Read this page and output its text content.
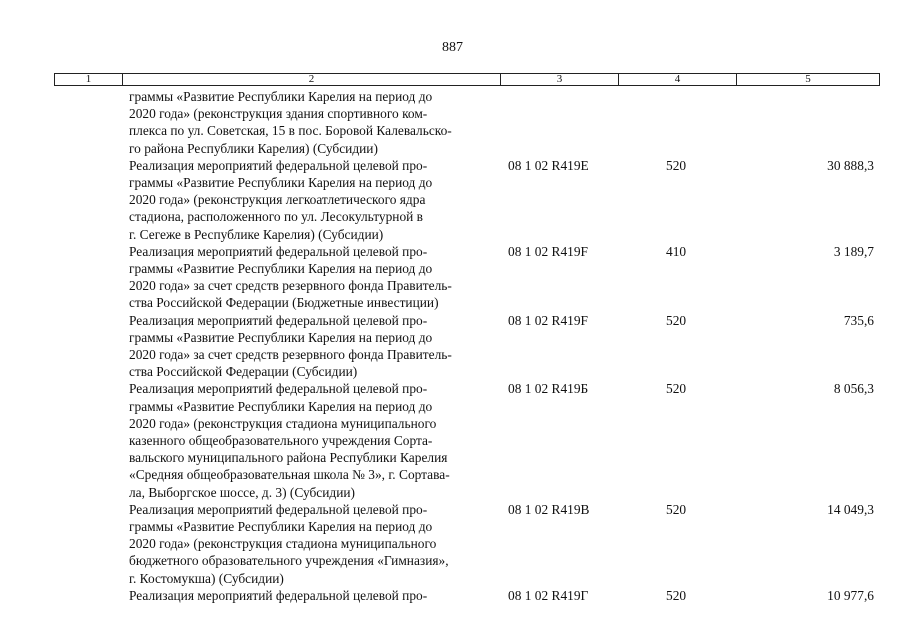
887
1	2	3	4	5
граммы «Развитие Республики Карелия на период до
2020 года» (реконструкция здания спортивного ком-
плекса по ул. Советская, 15 в пос. Боровой Калевальско-
го района Республики Карелия) (Субсидии)
Реализация мероприятий федеральной целевой про-
граммы «Развитие Республики Карелия на период до
2020 года» (реконструкция легкоатлетического ядра
стадиона, расположенного по ул. Лесокультурной в
г. Сегеже в Республике Карелия) (Субсидии)
08 1 02 R419E	520	30 888,3
Реализация мероприятий федеральной целевой про-
граммы «Развитие Республики Карелия на период до
2020 года» за счет средств резервного фонда Правитель-
ства Российской Федерации (Бюджетные инвестиции)
08 1 02 R419F	410	3 189,7
Реализация мероприятий федеральной целевой про-
граммы «Развитие Республики Карелия на период до
2020 года» за счет средств резервного фонда Правитель-
ства Российской Федерации (Субсидии)
08 1 02 R419F	520	735,6
Реализация мероприятий федеральной целевой про-
граммы «Развитие Республики Карелия на период до
2020 года» (реконструкция стадиона муниципального
казенного общеобразовательного учреждения Сорта-
вальского муниципального района Республики Карелия
«Средняя общеобразовательная школа № 3», г. Сортава-
ла, Выборгское шоссе, д. 3) (Субсидии)
08 1 02 R419Б	520	8 056,3
Реализация мероприятий федеральной целевой про-
граммы «Развитие Республики Карелия на период до
2020 года» (реконструкция стадиона муниципального
бюджетного образовательного учреждения «Гимназия»,
г. Костомукша) (Субсидии)
08 1 02 R419В	520	14 049,3
Реализация мероприятий федеральной целевой про-	08 1 02 R419Г	520	10 977,6
